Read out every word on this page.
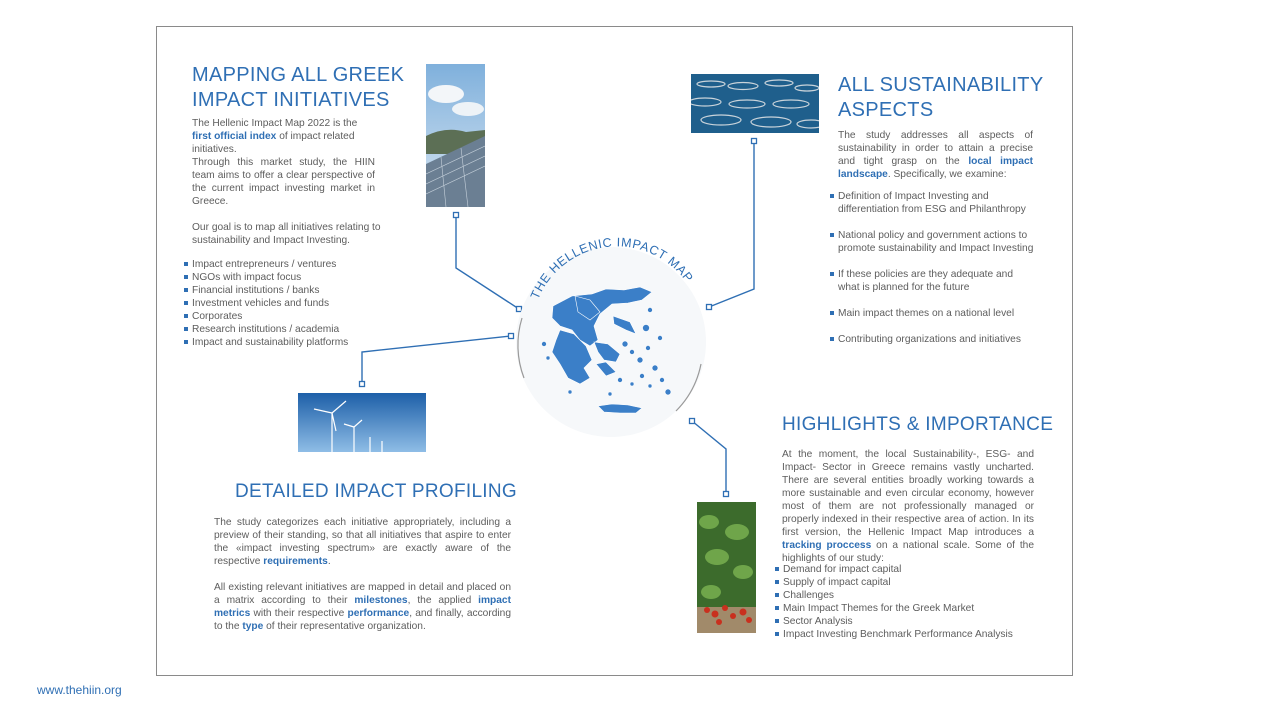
THE HELLENIC IMPACT MAP
MAPPING ALL GREEK
IMPACT INITIATIVES
The Hellenic Impact Map 2022 is the first official index of impact related initiatives.
Through this market study, the HIIN team aims to offer a clear perspective of the current impact investing market in Greece.
Our goal is to map all initiatives relating to sustainability and Impact Investing.
Impact entrepreneurs / ventures
NGOs with impact focus
Financial institutions / banks
Investment vehicles and funds
Corporates
Research institutions / academia
Impact and sustainability platforms
ALL SUSTAINABILITY
ASPECTS
The study addresses all aspects of sustainability in order to attain a precise and tight grasp on the local impact landscape. Specifically, we examine:
Definition of Impact Investing and differentiation from ESG and Philanthropy
National policy and government actions to promote sustainability and Impact Investing
If these policies are they adequate and what is planned for the future
Main impact themes on a national level
Contributing organizations and initiatives
DETAILED IMPACT PROFILING
The study categorizes each initiative appropriately, including a preview of their standing, so that all initiatives that aspire to enter the «impact investing spectrum» are exactly aware of the respective requirements.
All existing relevant initiatives are mapped in detail and placed on a matrix according to their milestones, the applied impact metrics with their respective performance, and finally, according to the type of their representative organization.
HIGHLIGHTS & IMPORTANCE
At the moment, the local Sustainability-, ESG- and Impact- Sector in Greece remains vastly uncharted. There are several entities broadly working towards a more sustainable and even circular economy, however most of them are not professionally managed or properly indexed in their respective area of action. In its first version, the Hellenic Impact Map introduces a tracking proccess on a national scale. Some of the highlights of our study:
Demand for impact capital
Supply of impact capital
Challenges
Main Impact Themes for the Greek Market
Sector Analysis
Impact Investing Benchmark Performance Analysis
www.thehiin.org
